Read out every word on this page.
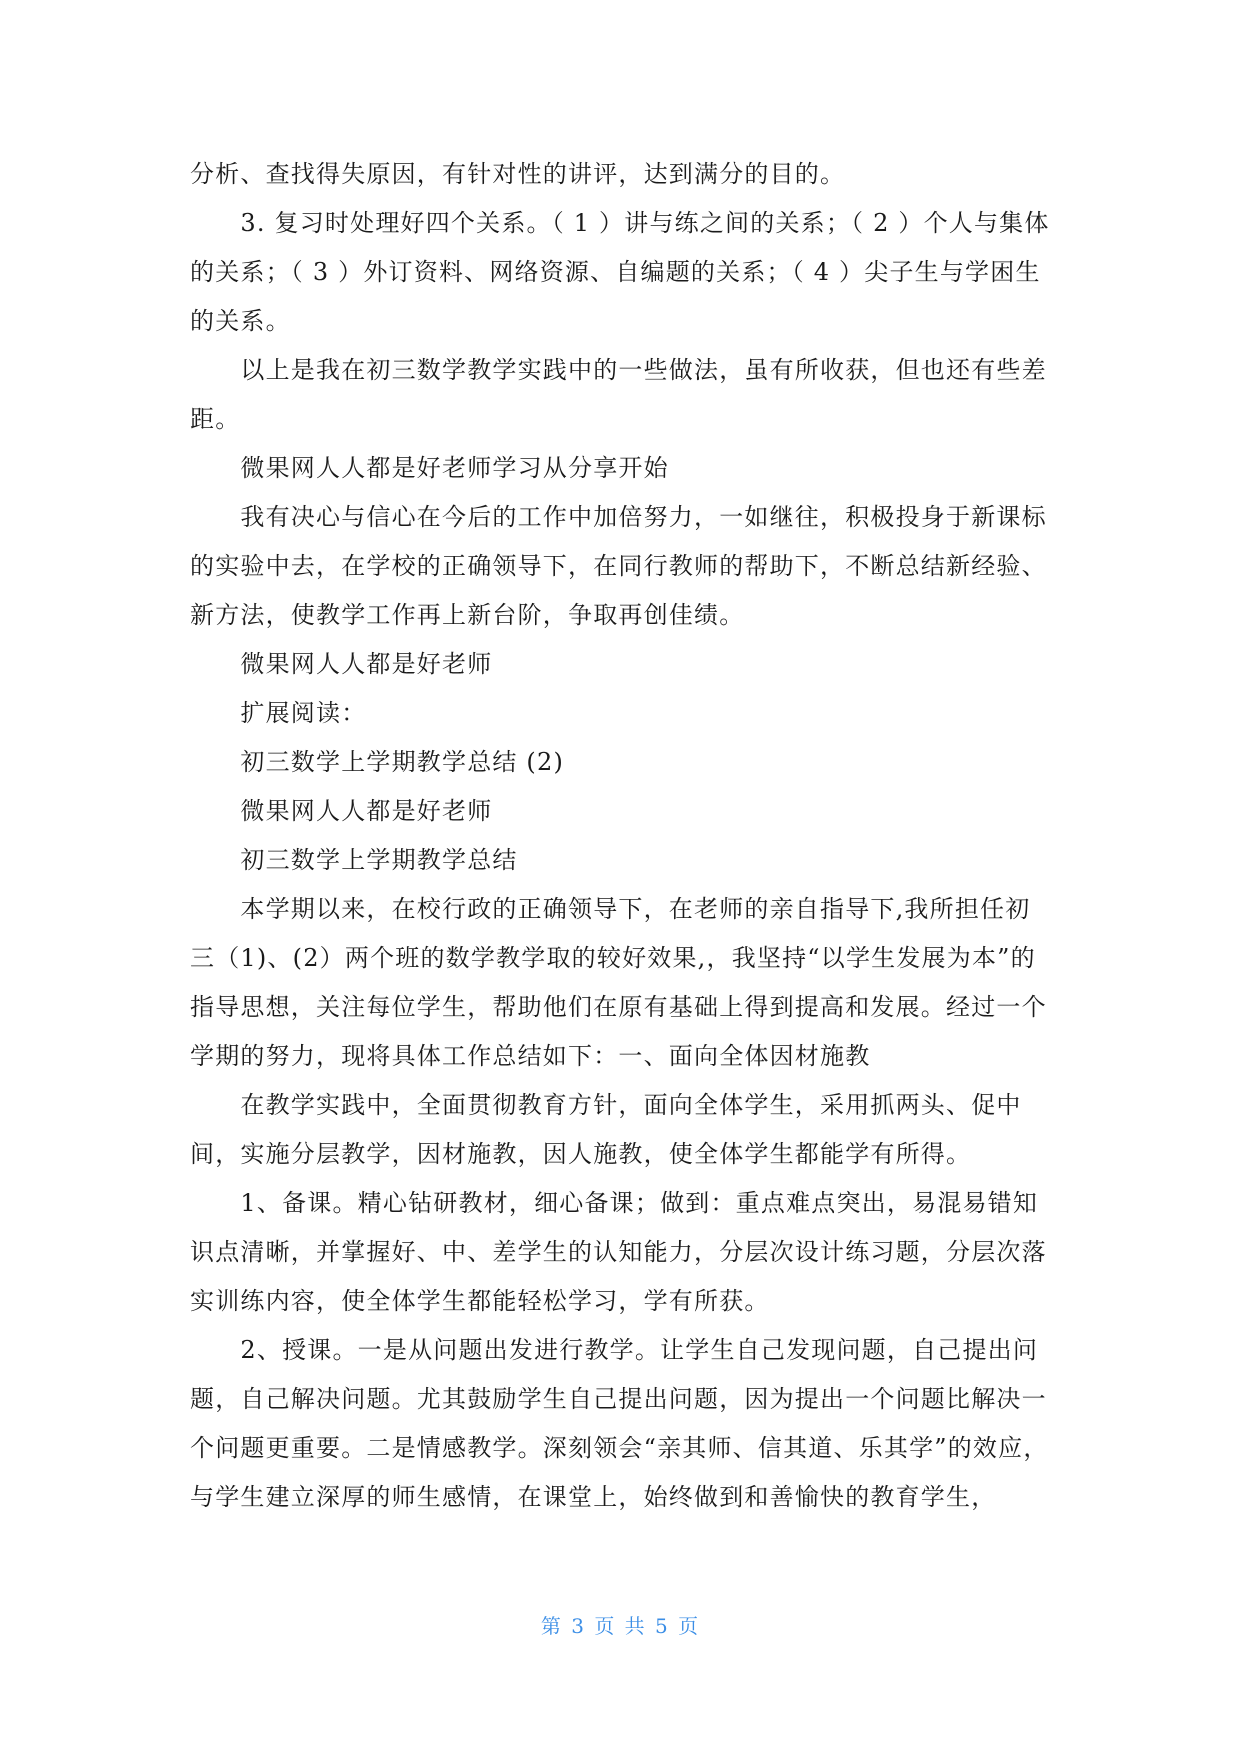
分析、查找得失原因，有针对性的讲评，达到满分的目的。

　　3. 复习时处理好四个关系。（ 1 ）讲与练之间的关系；（ 2 ）个人与集体的关系；（ 3 ）外订资料、网络资源、自编题的关系；（ 4 ）尖子生与学困生的关系。

　　以上是我在初三数学教学实践中的一些做法，虽有所收获，但也还有些差距。

　　微果网人人都是好老师学习从分享开始

　　我有决心与信心在今后的工作中加倍努力，一如继往，积极投身于新课标的实验中去，在学校的正确领导下，在同行教师的帮助下，不断总结新经验、新方法，使教学工作再上新台阶，争取再创佳绩。

　　微果网人人都是好老师

　　扩展阅读：

　　初三数学上学期教学总结 (2)

　　微果网人人都是好老师

　　初三数学上学期教学总结

　　本学期以来，在校行政的正确领导下，在老师的亲自指导下,我所担任初三（1)、(2）两个班的数学教学取的较好效果,，我坚持“以学生发展为本”的指导思想，关注每位学生，帮助他们在原有基础上得到提高和发展。经过一个学期的努力，现将具体工作总结如下：一、面向全体因材施教

　　在教学实践中，全面贯彻教育方针，面向全体学生，采用抓两头、促中间，实施分层教学，因材施教，因人施教，使全体学生都能学有所得。

　　1、备课。精心钻研教材，细心备课；做到：重点难点突出，易混易错知识点清晰，并掌握好、中、差学生的认知能力，分层次设计练习题，分层次落实训练内容，使全体学生都能轻松学习，学有所获。

　　2、授课。一是从问题出发进行教学。让学生自己发现问题，自己提出问题，自己解决问题。尤其鼓励学生自己提出问题，因为提出一个问题比解决一个问题更重要。二是情感教学。深刻领会“亲其师、信其道、乐其学”的效应，与学生建立深厚的师生感情，在课堂上，始终做到和善愉快的教育学生，

第 3 页 共 5 页
